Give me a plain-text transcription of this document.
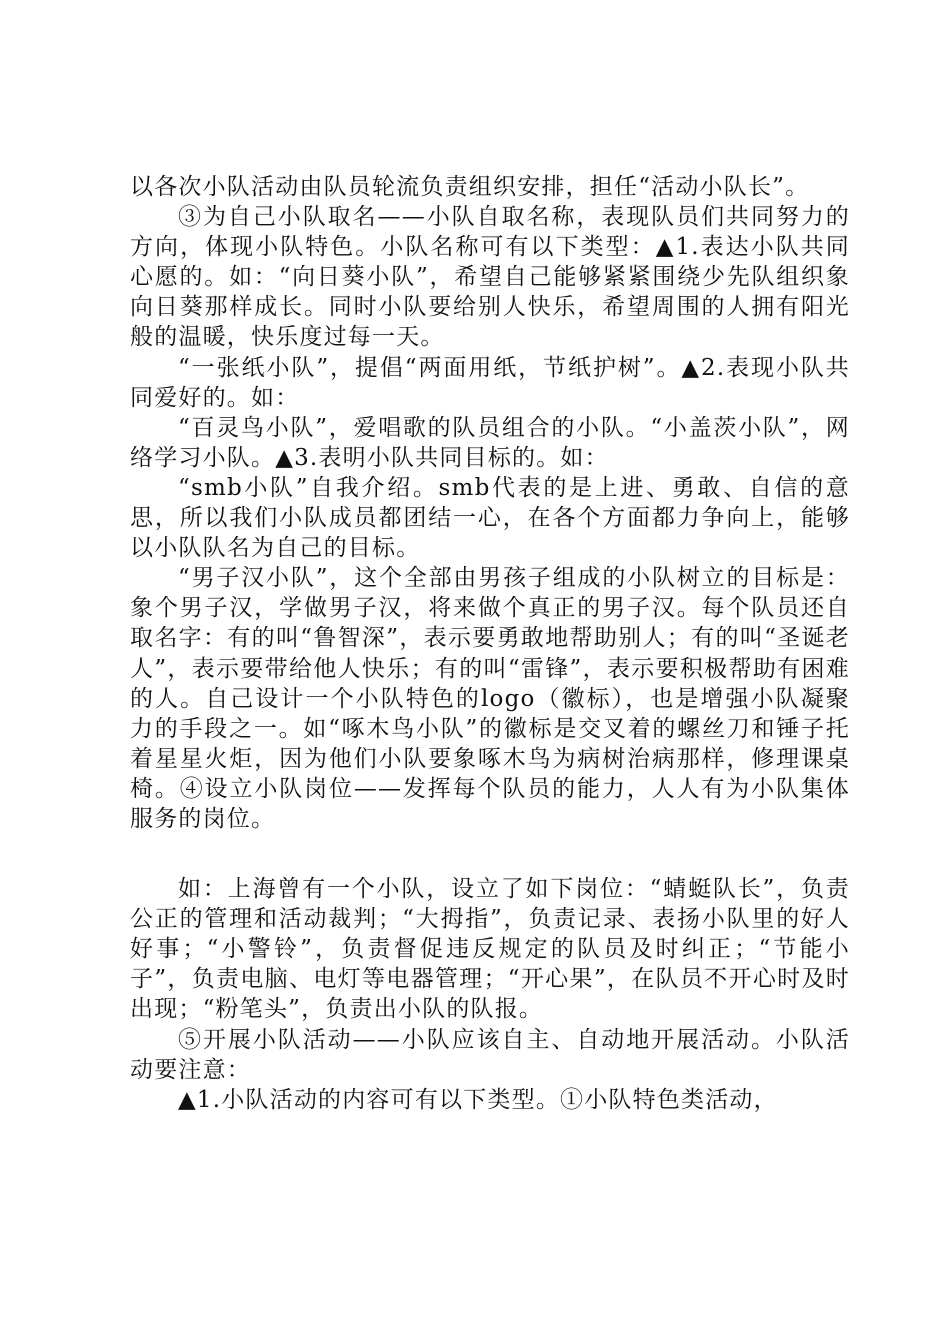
以各次小队活动由队员轮流负责组织安排，担任“活动小队长”。

③为自己小队取名——小队自取名称，表现队员们共同努力的方向，体现小队特色。小队名称可有以下类型：▲1.表达小队共同心愿的。如：“向日葵小队”，希望自己能够紧紧围绕少先队组织象向日葵那样成长。同时小队要给别人快乐，希望周围的人拥有阳光般的温暖，快乐度过每一天。

“一张纸小队”，提倡“两面用纸，节纸护树”。▲2.表现小队共同爱好的。如：

“百灵鸟小队”，爱唱歌的队员组合的小队。“小盖茨小队”，网络学习小队。▲3.表明小队共同目标的。如：

“smb小队”自我介绍。smb代表的是上进、勇敢、自信的意思，所以我们小队成员都团结一心，在各个方面都力争向上，能够以小队队名为自己的目标。

“男子汉小队”，这个全部由男孩子组成的小队树立的目标是：象个男子汉，学做男子汉，将来做个真正的男子汉。每个队员还自取名字：有的叫“鲁智深”，表示要勇敢地帮助别人；有的叫“圣诞老人”，表示要带给他人快乐；有的叫“雷锋”，表示要积极帮助有困难的人。自己设计一个小队特色的logo（徽标），也是增强小队凝聚力的手段之一。如“啄木鸟小队”的徽标是交叉着的螺丝刀和锤子托着星星火炬，因为他们小队要象啄木鸟为病树治病那样，修理课桌椅。④设立小队岗位——发挥每个队员的能力，人人有为小队集体服务的岗位。

如：上海曾有一个小队，设立了如下岗位：“蜻蜓队长”，负责公正的管理和活动裁判；“大拇指”，负责记录、表扬小队里的好人好事；“小警铃”，负责督促违反规定的队员及时纠正；“节能小子”，负责电脑、电灯等电器管理；“开心果”，在队员不开心时及时出现；“粉笔头”，负责出小队的队报。

⑤开展小队活动——小队应该自主、自动地开展活动。小队活动要注意：

▲1.小队活动的内容可有以下类型。①小队特色类活动，
